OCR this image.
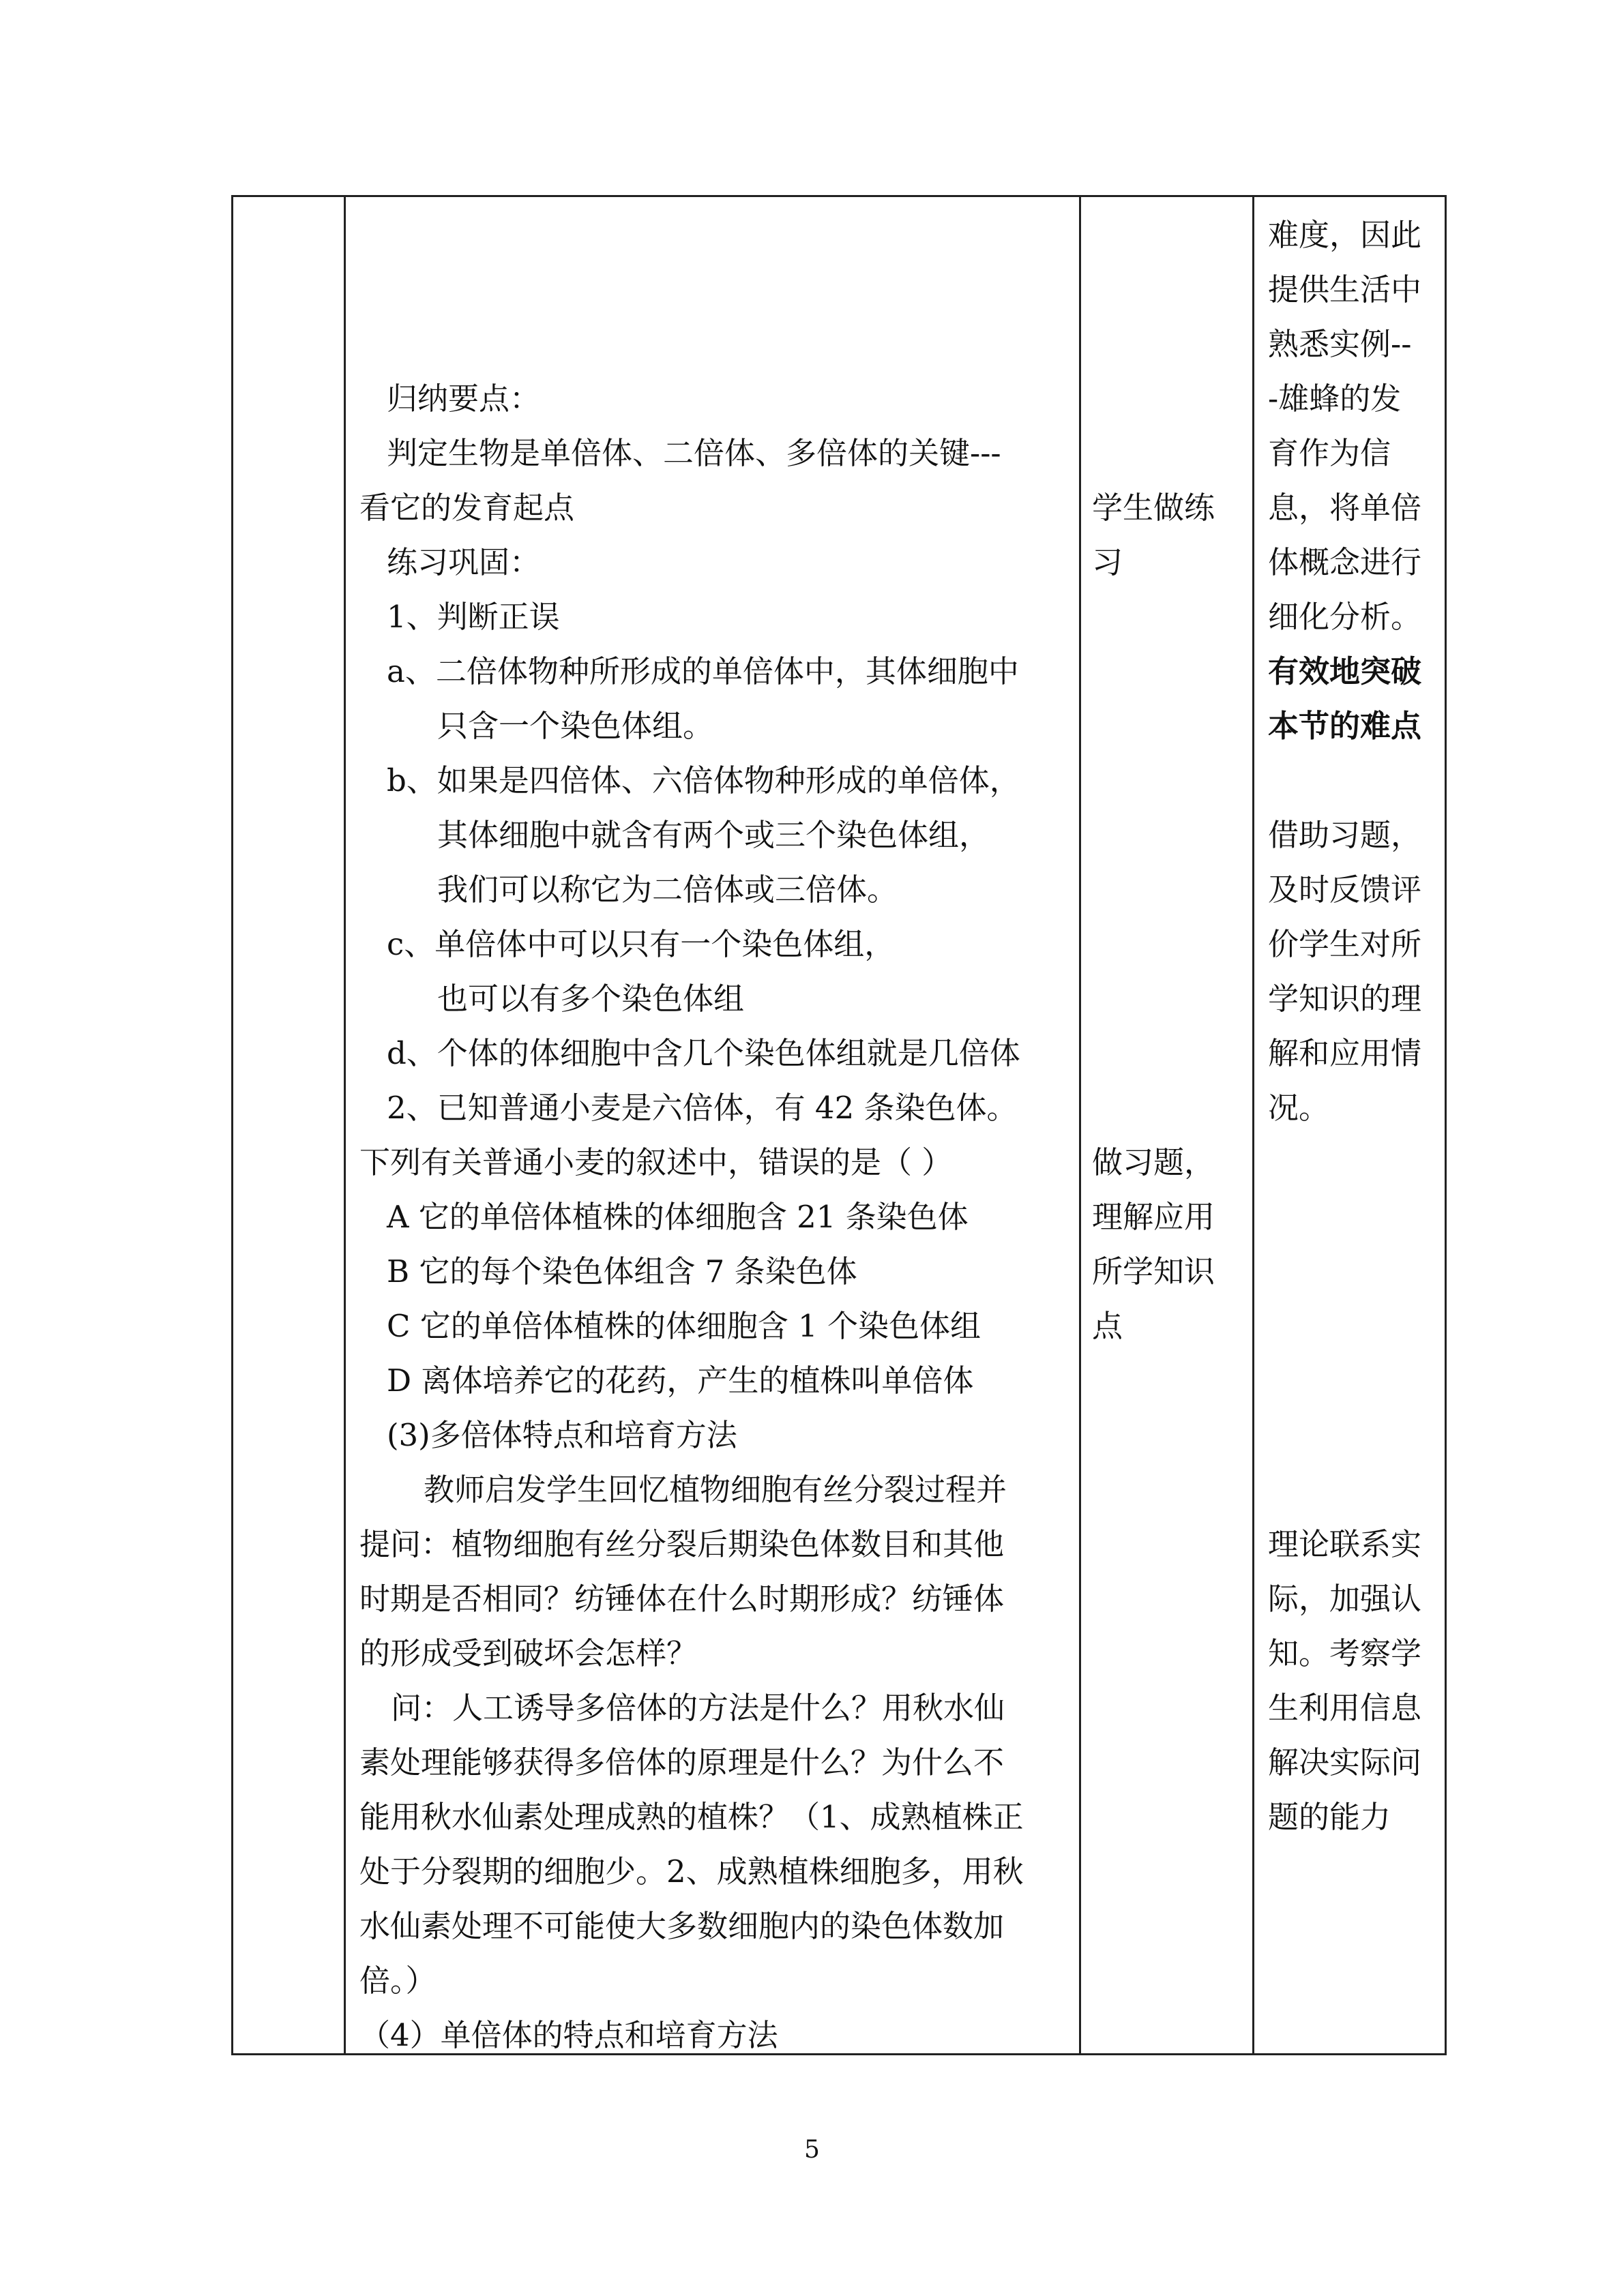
归纳要点：
判定生物是单倍体、二倍体、多倍体的关键---
看它的发育起点
练习巩固：
1、判断正误
a、二倍体物种所形成的单倍体中，其体细胞中
只含一个染色体组。
b、如果是四倍体、六倍体物种形成的单倍体，
其体细胞中就含有两个或三个染色体组，
我们可以称它为二倍体或三倍体。
c、单倍体中可以只有一个染色体组，
也可以有多个染色体组
d、个体的体细胞中含几个染色体组就是几倍体
2、已知普通小麦是六倍体，有 42 条染色体。
下列有关普通小麦的叙述中，错误的是（ ）
A 它的单倍体植株的体细胞含 21 条染色体
B 它的每个染色体组含 7 条染色体
C 它的单倍体植株的体细胞含 1 个染色体组
D 离体培养它的花药，产生的植株叫单倍体
(3)多倍体特点和培育方法
教师启发学生回忆植物细胞有丝分裂过程并
提问：植物细胞有丝分裂后期染色体数目和其他
时期是否相同？纺锤体在什么时期形成？纺锤体
的形成受到破坏会怎样？
问：人工诱导多倍体的方法是什么？用秋水仙
素处理能够获得多倍体的原理是什么？为什么不
能用秋水仙素处理成熟的植株？（1、成熟植株正
处于分裂期的细胞少。2、成熟植株细胞多，用秋
水仙素处理不可能使大多数细胞内的染色体数加
倍。）
（4）单倍体的特点和培育方法
学生做练
习
做习题，
理解应用
所学知识
点
难度，因此
提供生活中
熟悉实例--
-雄蜂的发
育作为信
息，将单倍
体概念进行
细化分析。
有效地突破
本节的难点
借助习题，
及时反馈评
价学生对所
学知识的理
解和应用情
况。
理论联系实
际，加强认
知。考察学
生利用信息
解决实际问
题的能力
5
